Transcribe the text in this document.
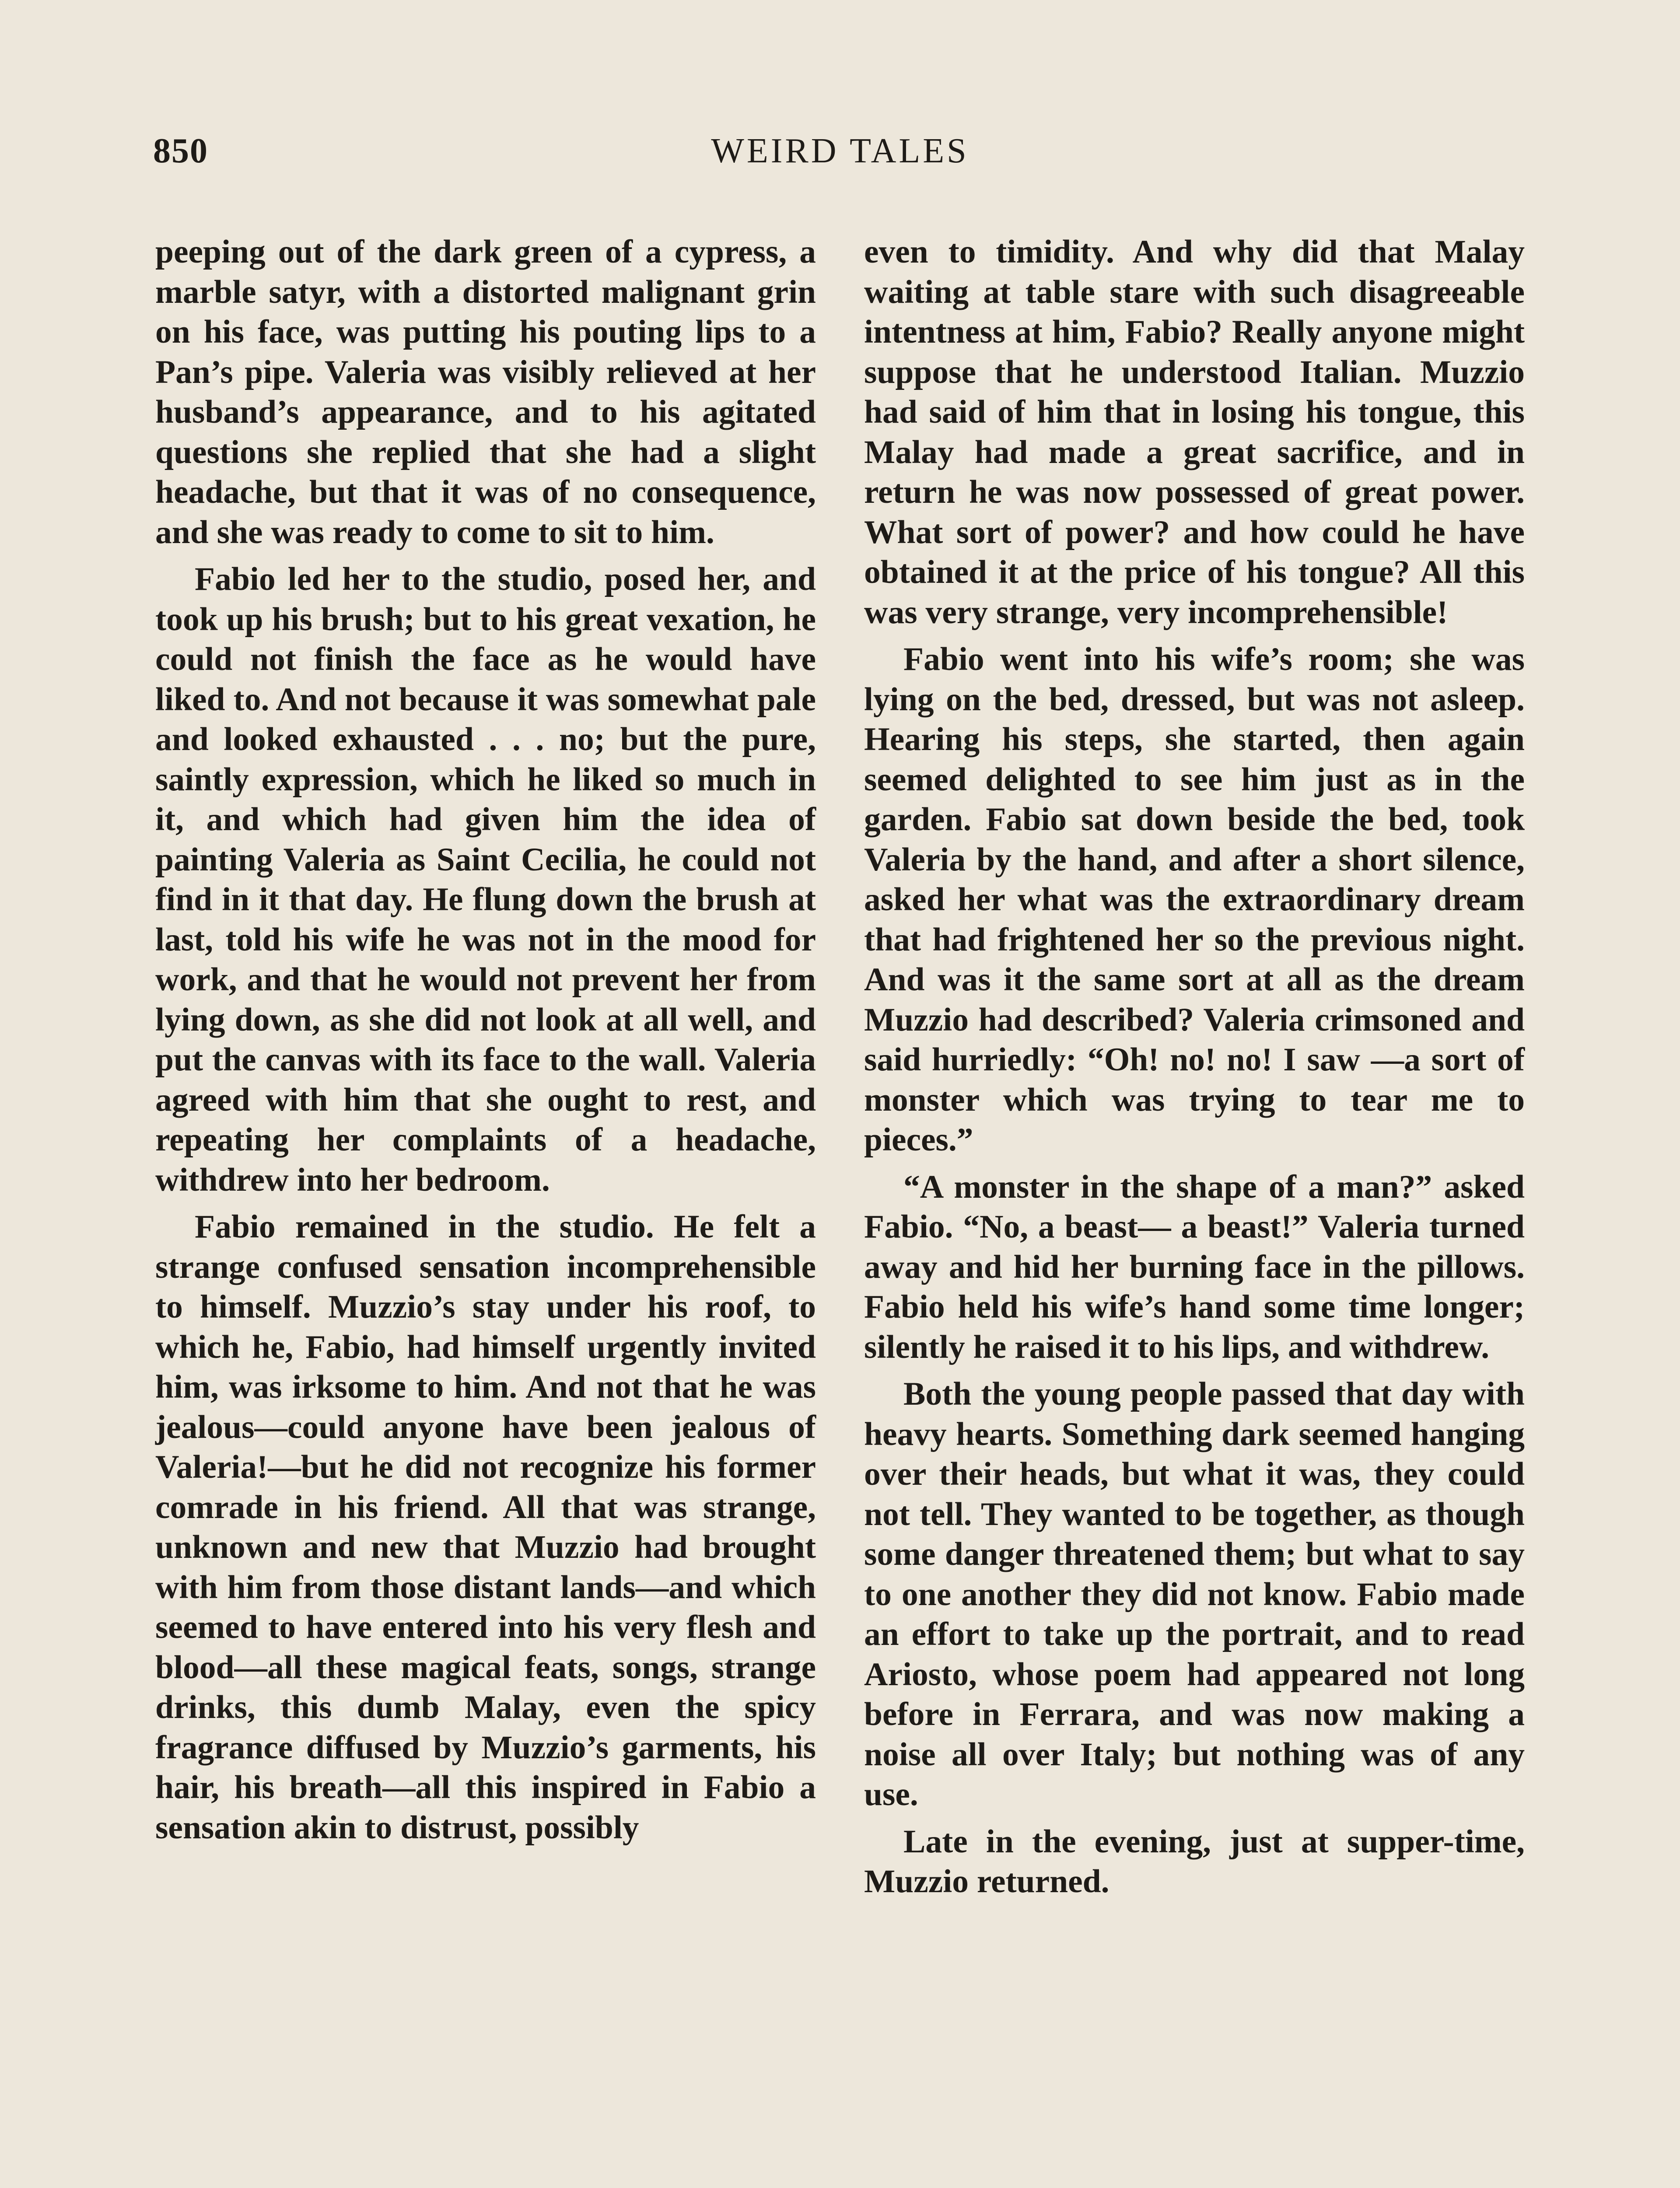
850	WEIRD TALES

peeping out of the dark green of a cypress, a marble satyr, with a distorted malignant grin on his face, was putting his pouting lips to a Pan’s pipe. Valeria was visibly relieved at her husband’s appearance, and to his agitated questions she replied that she had a slight headache, but that it was of no consequence, and she was ready to come to sit to him.

Fabio led her to the studio, posed her, and took up his brush; but to his great vexation, he could not finish the face as he would have liked to. And not because it was somewhat pale and looked exhausted . . . no; but the pure, saintly expression, which he liked so much in it, and which had given him the idea of painting Valeria as Saint Cecilia, he could not find in it that day. He flung down the brush at last, told his wife he was not in the mood for work, and that he would not prevent her from lying down, as she did not look at all well, and put the canvas with its face to the wall. Valeria agreed with him that she ought to rest, and repeating her complaints of a headache, withdrew into her bedroom.

Fabio remained in the studio. He felt a strange confused sensation incomprehensible to himself. Muzzio’s stay under his roof, to which he, Fabio, had himself urgently invited him, was irksome to him. And not that he was jealous—could anyone have been jealous of Valeria!—but he did not recognize his former comrade in his friend. All that was strange, unknown and new that Muzzio had brought with him from those distant lands—and which seemed to have entered into his very flesh and blood—all these magical feats, songs, strange drinks, this dumb Malay, even the spicy fragrance diffused by Muzzio’s garments, his hair, his breath—all this inspired in Fabio a sensation akin to distrust, possibly

even to timidity. And why did that Malay waiting at table stare with such disagreeable intentness at him, Fabio? Really anyone might suppose that he understood Italian. Muzzio had said of him that in losing his tongue, this Malay had made a great sacrifice, and in return he was now possessed of great power. What sort of power? and how could he have obtained it at the price of his tongue? All this was very strange, very incomprehensible!

Fabio went into his wife’s room; she was lying on the bed, dressed, but was not asleep. Hearing his steps, she started, then again seemed delighted to see him just as in the garden. Fabio sat down beside the bed, took Valeria by the hand, and after a short silence, asked her what was the extraordinary dream that had frightened her so the previous night. And was it the same sort at all as the dream Muzzio had described? Valeria crimsoned and said hurriedly: “Oh! no! no! I saw —a sort of monster which was trying to tear me to pieces.”

“A monster in the shape of a man?” asked Fabio. “No, a beast— a beast!” Valeria turned away and hid her burning face in the pillows. Fabio held his wife’s hand some time longer; silently he raised it to his lips, and withdrew.

Both the young people passed that day with heavy hearts. Something dark seemed hanging over their heads, but what it was, they could not tell. They wanted to be together, as though some danger threatened them; but what to say to one another they did not know. Fabio made an effort to take up the portrait, and to read Ariosto, whose poem had appeared not long before in Ferrara, and was now making a noise all over Italy; but nothing was of any use.

Late in the evening, just at supper-time, Muzzio returned.
